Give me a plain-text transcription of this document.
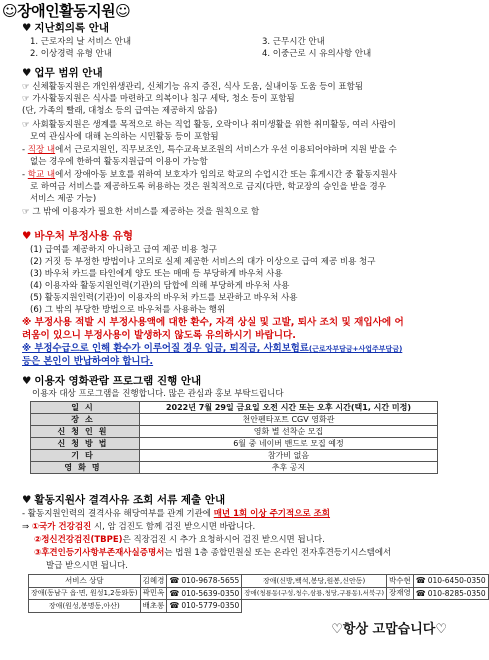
☺장애인활동지원☺
♥ 지난회의록 안내
1. 근로자의 날 서비스 안내
2. 이상경력 유형 안내
3. 근무시간 안내
4. 이중근로 시 유의사항 안내
♥ 업무 범위 안내
☞ 신체활동지원은 개인위생관리, 신체기능 유지 증진, 식사 도움, 실내이동 도움 등이 표함됨
☞ 가사활동지원은 식사를 마련하고 의복이나 침구 세탁, 청소 등이 포함됨
(단, 가족의 빨래, 대청소 등의 급여는 제공하지 않음)
☞ 사회활동지원은 생계를 목적으로 하는 직업 활동, 오락이나 취미생활을 위한 취미활동, 여러 사람이
모여 관심사에 대해 논의하는 시민활동 등이 포함됨
- 직장 내에서 근로지원인, 직무보조인, 특수교육보조원의 서비스가 우선 이용되어야하며 지원 받을 수
없는 경우에 한하여 활동지원급여 이용이 가능함
- 학교 내에서 장애아동 보호를 위하여 보호자가 임의로 학교의 수업시간 또는 휴게시간 중 활동지원사
로 하여금 서비스를 제공하도록 허용하는 것은 원칙적으로 금지(다만, 학교장의 승인을 받을 경우
서비스 제공 가능)
☞ 그 밖에 이용자가 필요한 서비스를 제공하는 것을 원칙으로 함
♥ 바우처 부정사용 유형
(1) 급여를 제공하지 아니하고 급여 제공 비용 청구
(2) 거짓 등 부정한 방법이나 고의로 실제 제공한 서비스의 대가 이상으로 급여 제공 비용 청구
(3) 바우처 카드를 타인에게 양도 또는 매매 등 부당하게 바우처 사용
(4) 이용자와 활동지원인력(기관)의 담합에 의해 부당하게 바우처 사용
(5) 활동지원인력(기관)이 이용자의 바우처 카드를 보관하고 바우처 사용
(6) 그 밖의 부당한 방법으로 바우처를 사용하는 행위
※ 부정사용 적발 시 부정사용액에 대한 환수, 자격 상실 및 고발, 퇴사 조치 및 재입사에 어
려움이 있으니 부정사용이 발생하지 않도록 유의하시기 바랍니다.
※ 부정수급으로 인해 환수가 이루어질 경우 임금, 퇴직금, 사회보험료(근로자부담금+사업주부담금)
등은 본인이 반납하여야 합니다.
♥ 이용자 영화관람 프로그램 진행 안내
이용자 대상 프로그램을 진행합니다. 많은 관심과 홍보 부탁드립니다
일시	2022년 7월 29일 금요일 오전 시간 또는 오후 시간(택1, 시간 미정)
장소	천안펜타포트 CGV 영화관
신청인원	영화 별 선착순 모집
신청방법	6월 중 네이버 밴드로 모집 예정
기타	참가비 없음
영화명	추후 공지
♥ 활동지원사 결격사유 조회 서류 제출 안내
- 활동지원인력의 결격사유 해당여부를 관계 기관에 매년 1회 이상 주기적으로 조회
⇒ ①국가 건강검진 시, 암 검진도 함께 검진 받으시면 바랍니다.
②정신건강검진(TBPE)은 직장검진 시 추가 요청하시어 검진 받으시면 됩니다.
③후견인등기사항부존재사실증명서는 법원 1층 종합민원실 또는 온라인 전자후견등기시스템에서
발급 받으시면 됩니다.
서비스 상담	김혜경	☎ 010-9678-5655	장애(신방,백석,봉당,원봉,신안동)	박수현	☎ 010-6450-0350
장애(동남구 읍·면, 원성1,2동와동)	곽민옥	☎ 010-5639-0350	장애(청룡동(구성,청수,삼룡,청당,구룡동),서북구)	장재영	☎ 010-8285-0350
장애(원성,봉명동,아산)	배초롱	☎ 010-5779-0350			
♡항상 고맙습니다♡
